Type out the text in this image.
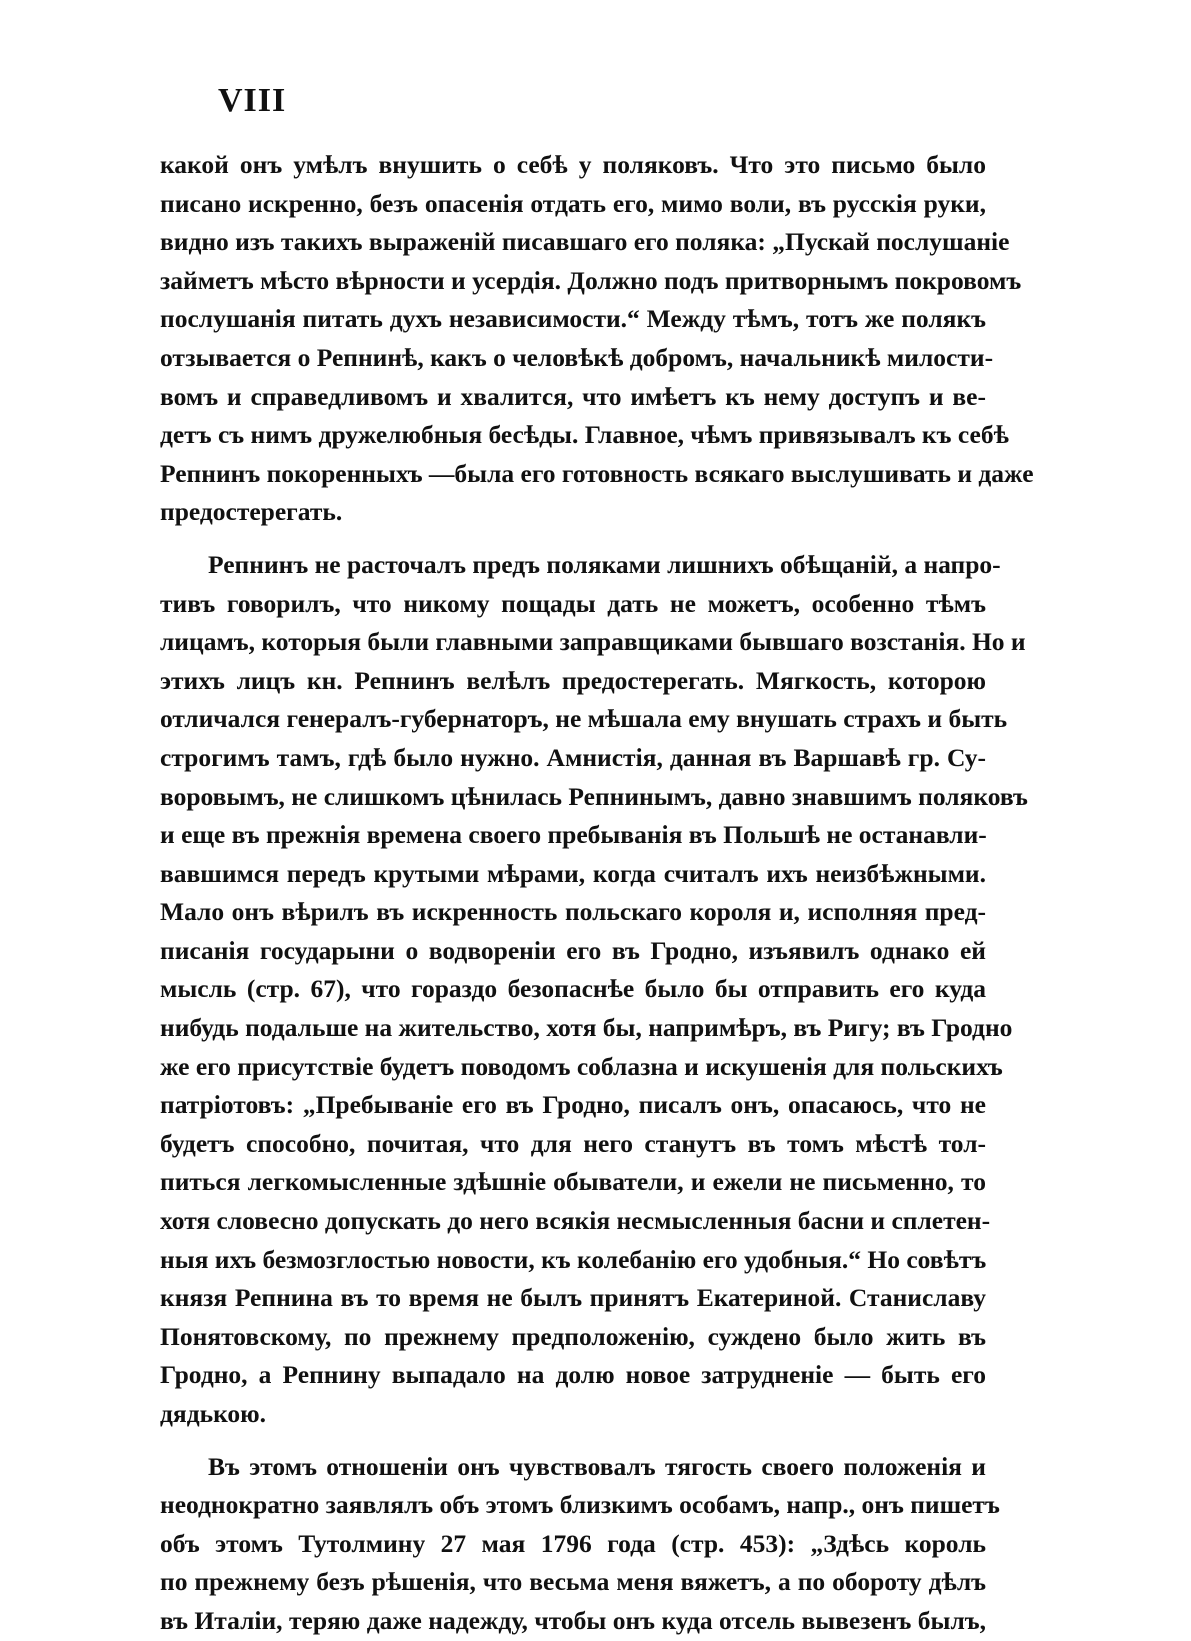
VIII
какой онъ умѣлъ внушить о себѣ у поляковъ. Что это письмо было
писано искренно, безъ опасенія отдать его, мимо воли, въ русскія руки,
видно изъ такихъ выраженій писавшаго его поляка: „Пускай послушаніе
займетъ мѣсто вѣрности и усердія. Должно подъ притворнымъ покровомъ
послушанія питать духъ независимости.“ Между тѣмъ, тотъ же полякъ
отзывается о Репнинѣ, какъ о человѣкѣ добромъ, начальникѣ милости-
вомъ и справедливомъ и хвалится, что имѣетъ къ нему доступъ и ве-
детъ съ нимъ дружелюбныя бесѣды. Главное, чѣмъ привязывалъ къ себѣ
Репнинъ покоренныхъ —была его готовность всякаго выслушивать и даже
предостерегать.
Репнинъ не расточалъ предъ поляками лишнихъ обѣщаній, а напро-
тивъ говорилъ, что никому пощады дать не можетъ, особенно тѣмъ
лицамъ, которыя были главными заправщиками бывшаго возстанія. Но и
этихъ лицъ кн. Репнинъ велѣлъ предостерегать. Мягкость, которою
отличался генералъ-губернаторъ, не мѣшала ему внушать страхъ и быть
строгимъ тамъ, гдѣ было нужно. Амнистія, данная въ Варшавѣ гр. Су-
воровымъ, не слишкомъ цѣнилась Репнинымъ, давно знавшимъ поляковъ
и еще въ прежнія времена своего пребыванія въ Польшѣ не останавли-
вавшимся передъ крутыми мѣрами, когда считалъ ихъ неизбѣжными.
Мало онъ вѣрилъ въ искренность польскаго короля и, исполняя пред-
писанія государыни о водвореніи его въ Гродно, изъявилъ однако ей
мысль (стр. 67), что гораздо безопаснѣе было бы отправить его куда
нибудь подальше на жительство, хотя бы, напримѣръ, въ Ригу; въ Гродно
же его присутствіе будетъ поводомъ соблазна и искушенія для польскихъ
патріотовъ: „Пребываніе его въ Гродно, писалъ онъ, опасаюсь, что не
будетъ способно, почитая, что для него станутъ въ томъ мѣстѣ тол-
питься легкомысленные здѣшніе обыватели, и ежели не письменно, то
хотя словесно допускать до него всякія несмысленныя басни и сплетен-
ныя ихъ безмозглостью новости, къ колебанію его удобныя.“ Но совѣтъ
князя Репнина въ то время не былъ принятъ Екатериной. Станиславу
Понятовскому, по прежнему предположенію, суждено было жить въ
Гродно, а Репнину выпадало на долю новое затрудненіе — быть его
дядькою.
Въ этомъ отношеніи онъ чувствовалъ тягость своего положенія и
неоднократно заявлялъ объ этомъ близкимъ особамъ, напр., онъ пишетъ
объ этомъ Тутолмину 27 мая 1796 года (стр. 453): „Здѣсь король
по прежнему безъ рѣшенія, что весьма меня вяжетъ, а по обороту дѣлъ
въ Италіи, теряю даже надежду, чтобы онъ куда отсель вывезенъ былъ,
